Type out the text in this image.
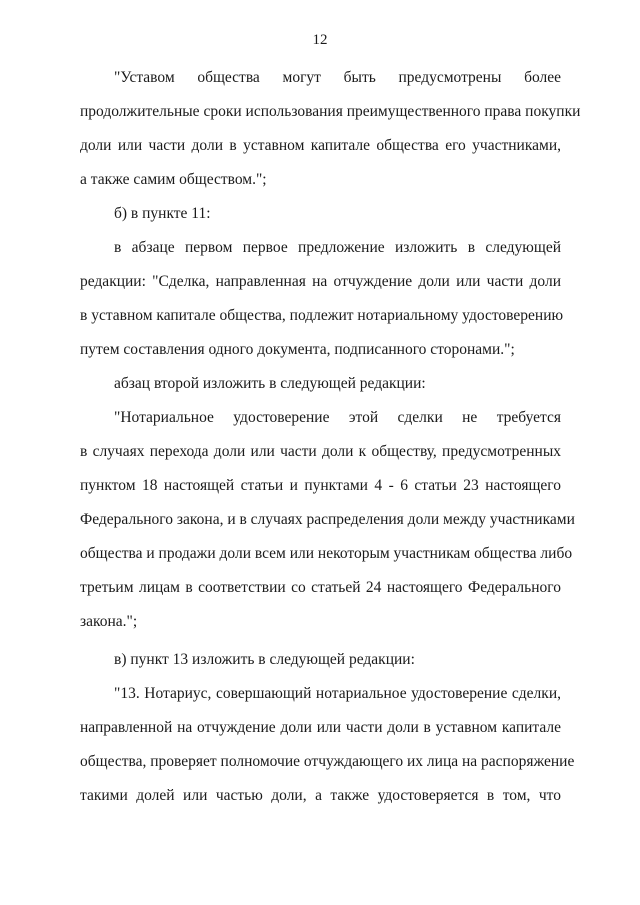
12
"Уставом общества могут быть предусмотрены более
продолжительные сроки использования преимущественного права покупки
доли или части доли в уставном капитале общества его участниками,
а также самим обществом.";
б) в пункте 11:
в абзаце первом первое предложение изложить в следующей
редакции: "Сделка, направленная на отчуждение доли или части доли
в уставном капитале общества, подлежит нотариальному удостоверению
путем составления одного документа, подписанного сторонами.";
абзац второй изложить в следующей редакции:
"Нотариальное удостоверение этой сделки не требуется
в случаях перехода доли или части доли к обществу, предусмотренных
пунктом 18 настоящей статьи и пунктами 4 - 6 статьи 23 настоящего
Федерального закона, и в случаях распределения доли между участниками
общества и продажи доли всем или некоторым участникам общества либо
третьим лицам в соответствии со статьей 24 настоящего Федерального
закона.";
в) пункт 13 изложить в следующей редакции:
"13. Нотариус, совершающий нотариальное удостоверение сделки,
направленной на отчуждение доли или части доли в уставном капитале
общества, проверяет полномочие отчуждающего их лица на распоряжение
такими долей или частью доли, а также удостоверяется в том, что
